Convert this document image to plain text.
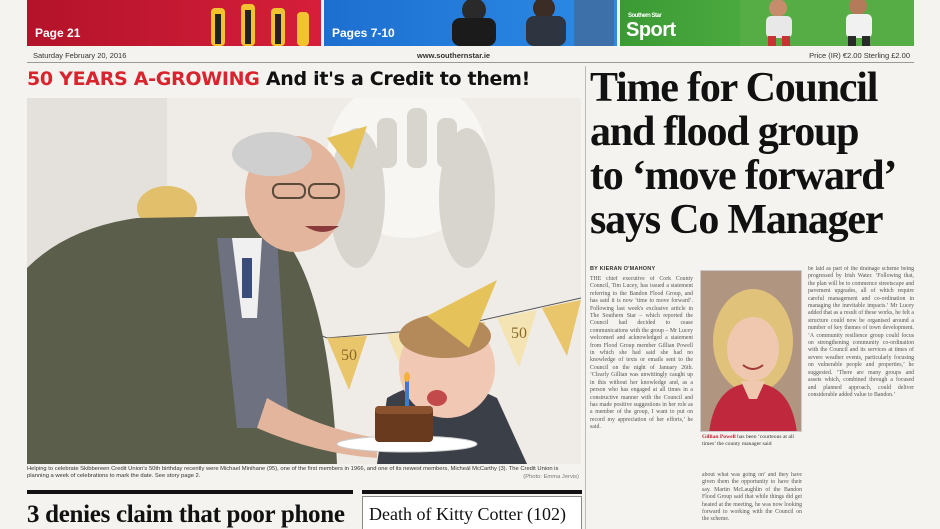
Page 21	Pages 7-10
Southern Star
Sport
Saturday February 20, 2016	www.southernstar.ie	Price (IR) €2.00 Sterling £2.00
50 YEARS A-GROWING And it's a Credit to them!
50
50
Helping to celebrate Skibbereen Credit Union's 50th birthday recently were Michael Minihane (95), one of the first members in 1966, and one of its newest members, Micheál McCarthy (3). The Credit Union is planning a week of celebrations to mark the date. See story page 2.	(Photo: Emma Jervis)
3 denies claim that poor phone Death of Kitty Cotter (102)
Time for Council
and flood group
to ‘move forward’
says Co Manager
BY KIERAN O'MAHONY
THE chief executive of Cork County Council, Tim Lucey, has issued a statement referring to the Bandon Flood Group, and has said it is now ‘time to move forward’. Following last week's exclusive article in The Southern Star – which reported the Council had decided to cease communications with the group – Mr Lucey welcomed and acknowledged a statement from Flood Group member Gillian Powell in which she had said she had no knowledge of texts or emails sent to the Council on the night of January 26th. ‘Clearly Gillian was unwittingly caught up in this without her knowledge and, as a person who has engaged at all times in a constructive manner with the Council and has made positive suggestions in her role as a member of the group, I want to put on record my appreciation of her efforts,’ he said.
Gillian Powell has been ‘courteous at all times’ the county manager said
about what was going on’ and they have given them the opportunity to have their say. Martin McLaughlin of the Bandon Flood Group said that while things did get heated at the meeting, he was now looking forward to working with the Council on the scheme.
be laid as part of the drainage scheme being progressed by Irish Water. ‘Following that, the plan will be to commence streetscape and pavement upgrades, all of which require careful management and co-ordination in managing the inevitable impacts.’ Mr Lucey added that as a result of these works, he felt a structure could now be organised around a number of key themes of town development. ‘A community resilience group could focus on strengthening community co-ordination with the Council and its services at times of severe weather events, particularly focusing on vulnerable people and properties,’ he suggested. ‘There are many groups and assets which, combined through a focused and planned approach, could deliver considerable added value to Bandon.’
